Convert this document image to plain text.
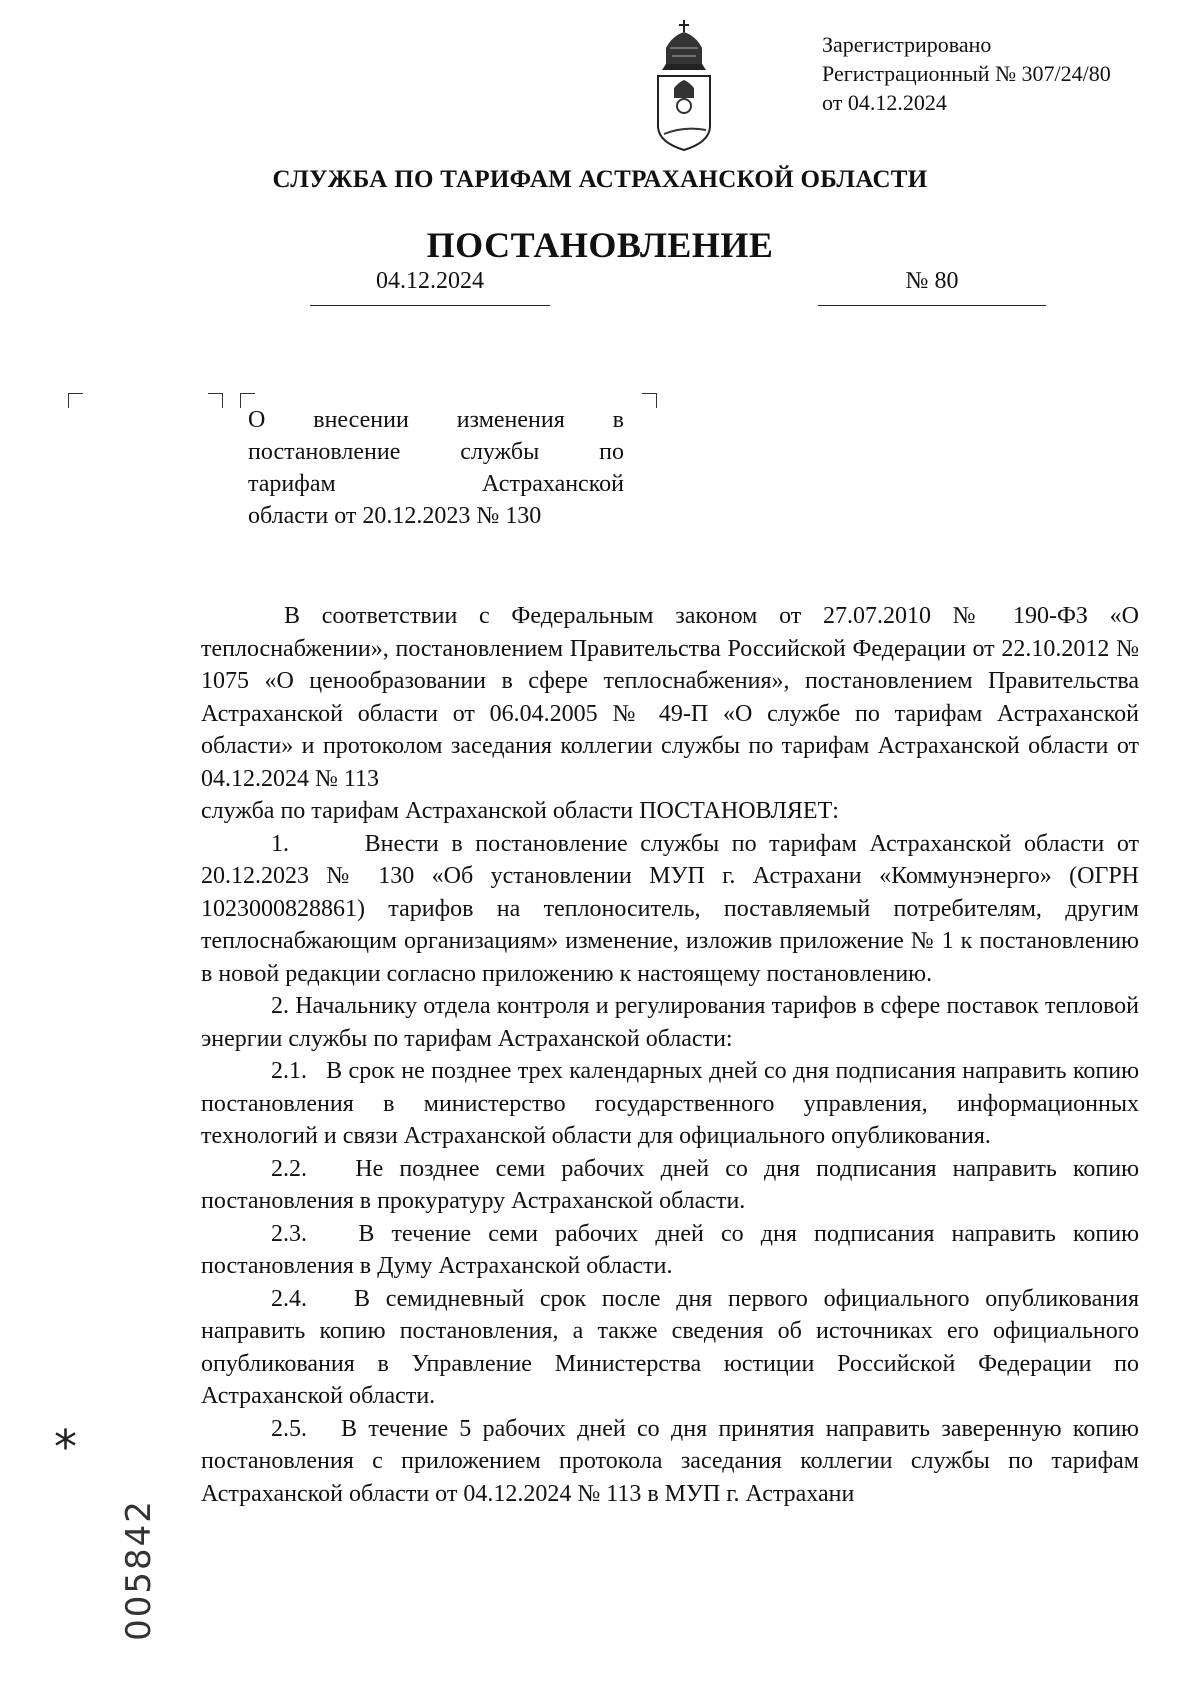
Зарегистрировано
Регистрационный № 307/24/80
от 04.12.2024
СЛУЖБА ПО ТАРИФАМ АСТРАХАНСКОЙ ОБЛАСТИ
ПОСТАНОВЛЕНИЕ
04.12.2024	№ 80
О внесении изменения в
постановление службы по
тарифам Астраханской
области от 20.12.2023 № 130

В соответствии с Федеральным законом от 27.07.2010 № 190-ФЗ «О теплоснабжении», постановлением Правительства Российской Федерации от 22.10.2012 № 1075 «О ценообразовании в сфере теплоснабжения», постановлением Правительства Астраханской области от 06.04.2005 № 49-П «О службе по тарифам Астраханской области» и протоколом заседания коллегии службы по тарифам Астраханской области от 04.12.2024 № 113

служба по тарифам Астраханской области ПОСТАНОВЛЯЕТ:

1.	Внести в постановление службы по тарифам Астраханской области от 20.12.2023 № 130 «Об установлении МУП г. Астрахани «Коммунэнерго» (ОГРН 1023000828861) тарифов на теплоноситель, поставляемый потребителям, другим теплоснабжающим организациям» изменение, изложив приложение № 1 к постановлению в новой редакции согласно приложению к настоящему постановлению.

2. Начальнику отдела контроля и регулирования тарифов в сфере поставок тепловой энергии службы по тарифам Астраханской области:

2.1. В срок не позднее трех календарных дней со дня подписания направить копию постановления в министерство государственного управления, информационных технологий и связи Астраханской области для официального опубликования.

2.2. Не позднее семи рабочих дней со дня подписания направить копию постановления в прокуратуру Астраханской области.

2.3. В течение семи рабочих дней со дня подписания направить копию постановления в Думу Астраханской области.

2.4. В семидневный срок после дня первого официального опубликования направить копию постановления, а также сведения об источниках его официального опубликования в Управление Министерства юстиции Российской Федерации по Астраханской области.

2.5. В течение 5 рабочих дней со дня принятия направить заверенную копию постановления с приложением протокола заседания коллегии службы по тарифам Астраханской области от 04.12.2024 № 113 в МУП г. Астрахани

*
005842
